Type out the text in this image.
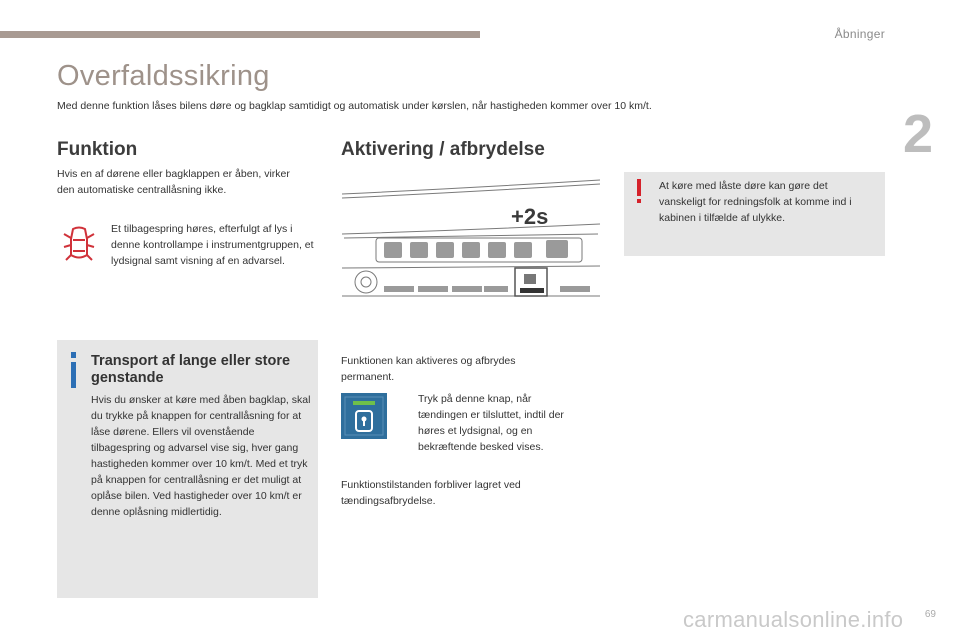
Åbninger
2
Overfaldssikring
Med denne funktion låses bilens døre og bagklap samtidigt og automatisk under kørslen, når hastigheden kommer over 10 km/t.
Funktion
Hvis en af dørene eller bagklappen er åben, virker den automatiske centrallåsning ikke.
Et tilbagespring høres, efterfulgt af lys i denne kontrollampe i instrumentgruppen, et lydsignal samt visning af en advarsel.
Transport af lange eller store genstande
Hvis du ønsker at køre med åben bagklap, skal du trykke på knappen for centrallåsning for at låse dørene. Ellers vil ovenstående tilbagespring og advarsel vise sig, hver gang hastigheden kommer over 10 km/t. Med et tryk på knappen for centrallåsning er det muligt at oplåse bilen. Ved hastigheder over 10 km/t er denne oplåsning midlertidig.
Aktivering / afbrydelse
+2s
Funktionen kan aktiveres og afbrydes permanent.
Tryk på denne knap, når tændingen er tilsluttet, indtil der høres et lydsignal, og en bekræftende besked vises.
Funktionstilstanden forbliver lagret ved tændingsafbrydelse.
At køre med låste døre kan gøre det vanskeligt for redningsfolk at komme ind i kabinen i tilfælde af ulykke.
carmanualsonline.info 69
